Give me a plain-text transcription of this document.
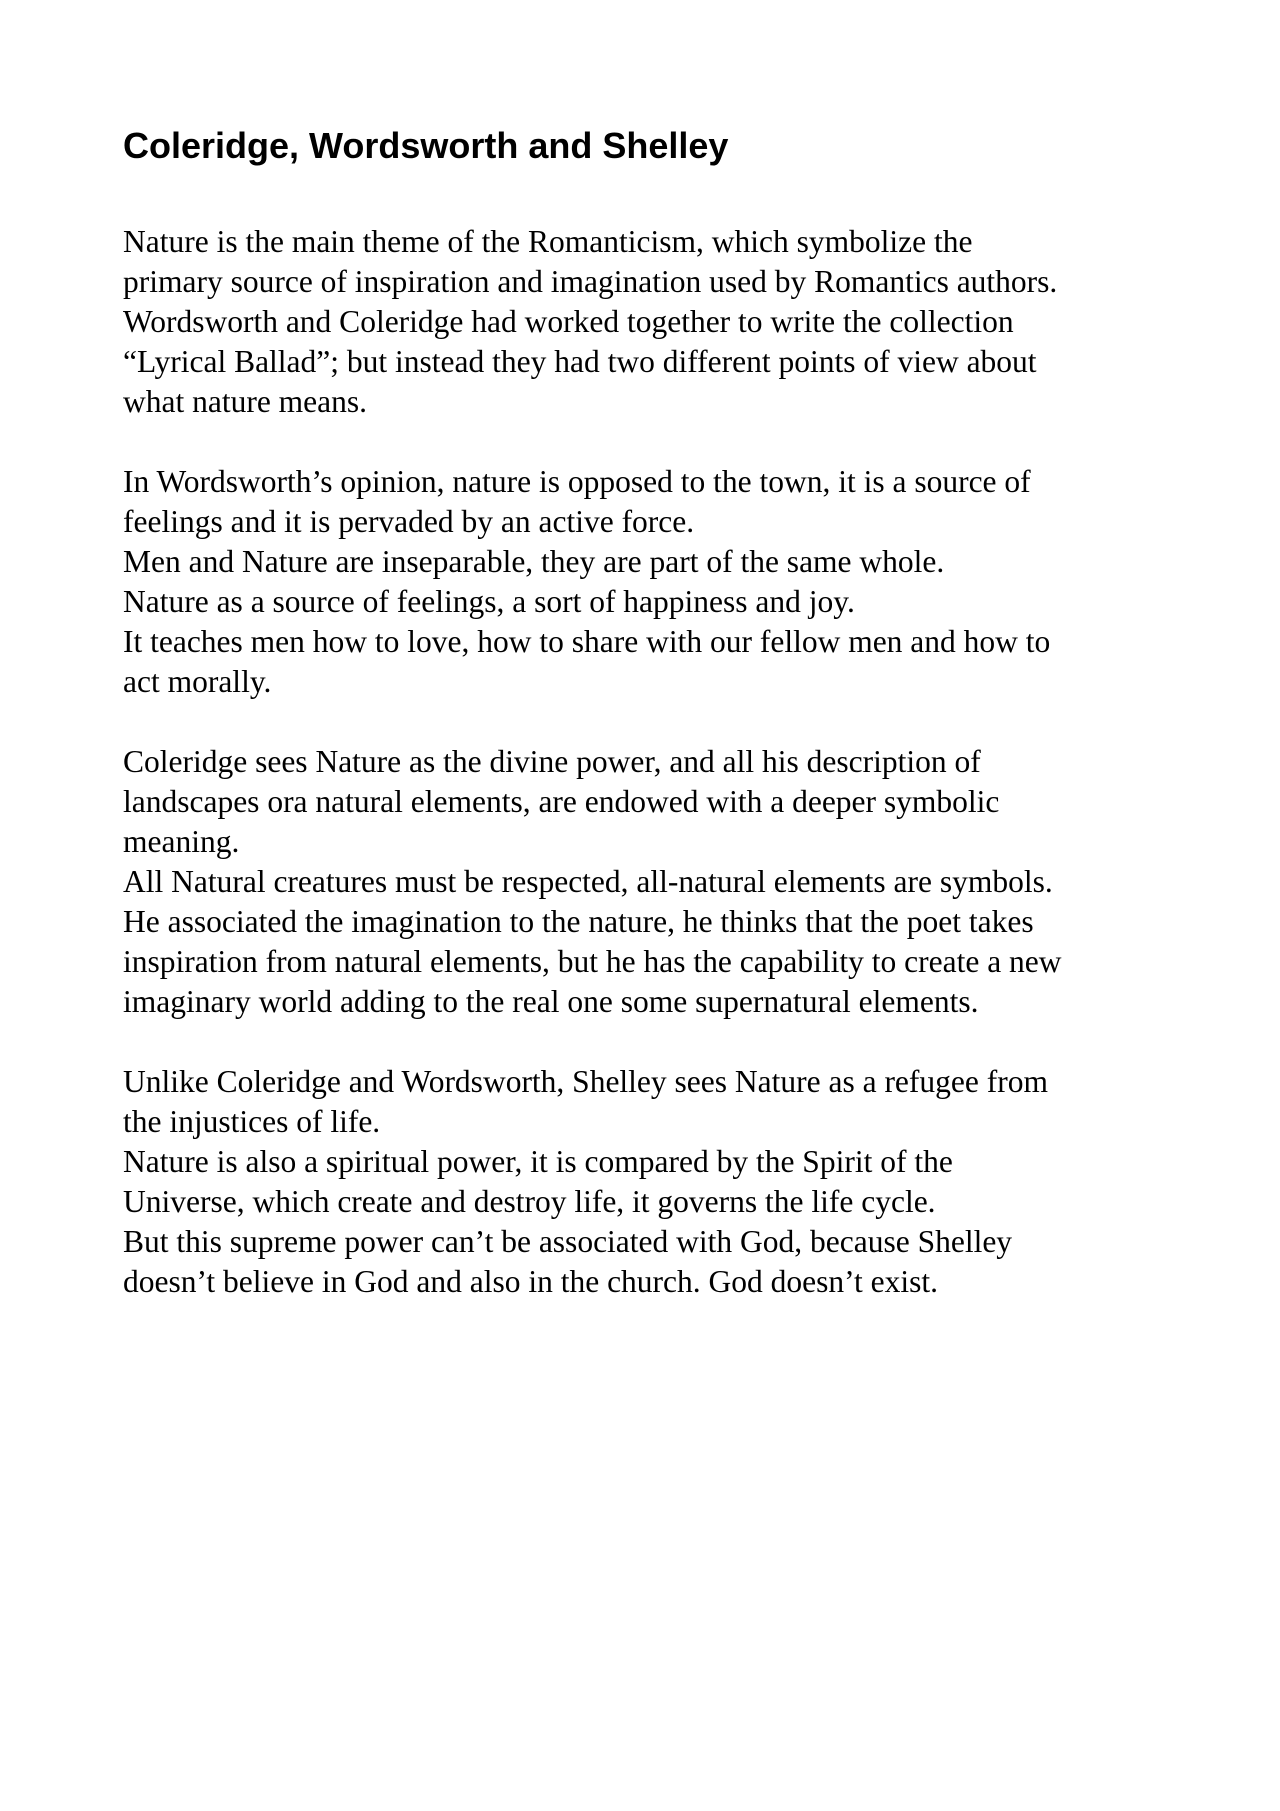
Coleridge, Wordsworth and Shelley
Nature is the main theme of the Romanticism, which symbolize the
primary source of inspiration and imagination used by Romantics authors.
Wordsworth and Coleridge had worked together to write the collection
“Lyrical Ballad”; but instead they had two different points of view about
what nature means.
In Wordsworth’s opinion, nature is opposed to the town, it is a source of
feelings and it is pervaded by an active force.
Men and Nature are inseparable, they are part of the same whole.
Nature as a source of feelings, a sort of happiness and joy.
It teaches men how to love, how to share with our fellow men and how to
act morally.
Coleridge sees Nature as the divine power, and all his description of
landscapes ora natural elements, are endowed with a deeper symbolic
meaning.
All Natural creatures must be respected, all-natural elements are symbols.
He associated the imagination to the nature, he thinks that the poet takes
inspiration from natural elements, but he has the capability to create a new
imaginary world adding to the real one some supernatural elements.
Unlike Coleridge and Wordsworth, Shelley sees Nature as a refugee from
the injustices of life.
Nature is also a spiritual power, it is compared by the Spirit of the
Universe, which create and destroy life, it governs the life cycle.
But this supreme power can’t be associated with God, because Shelley
doesn’t believe in God and also in the church. God doesn’t exist.
